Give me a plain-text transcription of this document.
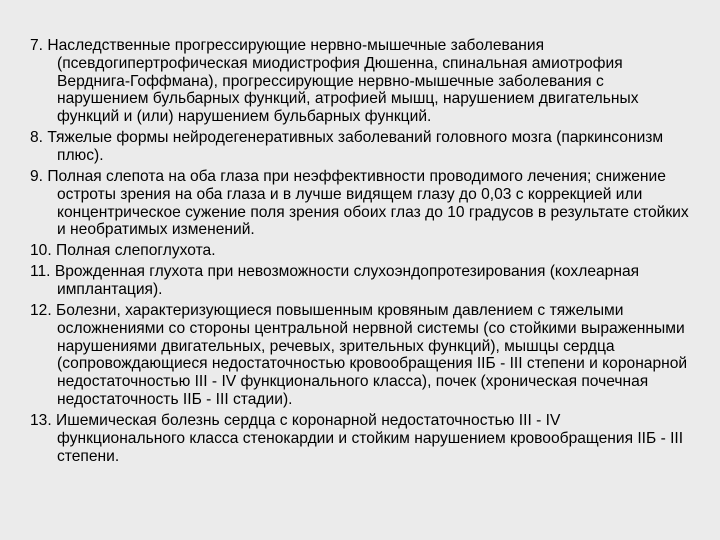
7. Наследственные прогрессирующие нервно-мышечные заболевания (псевдогипертрофическая миодистрофия Дюшенна, спинальная амиотрофия Верднига-Гоффмана), прогрессирующие нервно-мышечные заболевания с нарушением бульбарных функций, атрофией мышц, нарушением двигательных функций и (или) нарушением бульбарных функций.
8. Тяжелые формы нейродегенеративных заболеваний головного мозга (паркинсонизм плюс).
9. Полная слепота на оба глаза при неэффективности проводимого лечения; снижение остроты зрения на оба глаза и в лучше видящем глазу до 0,03 с коррекцией или концентрическое сужение поля зрения обоих глаз до 10 градусов в результате стойких и необратимых изменений.
10. Полная слепоглухота.
11. Врожденная глухота при невозможности слухоэндопротезирования (кохлеарная имплантация).
12. Болезни, характеризующиеся повышенным кровяным давлением с тяжелыми осложнениями со стороны центральной нервной системы (со стойкими выраженными нарушениями двигательных, речевых, зрительных функций), мышцы сердца (сопровождающиеся недостаточностью кровообращения IIБ - III степени и коронарной недостаточностью III - IV функционального класса), почек (хроническая почечная недостаточность IIБ - III стадии).
13. Ишемическая болезнь сердца с коронарной недостаточностью III - IV функционального класса стенокардии и стойким нарушением кровообращения IIБ - III степени.
